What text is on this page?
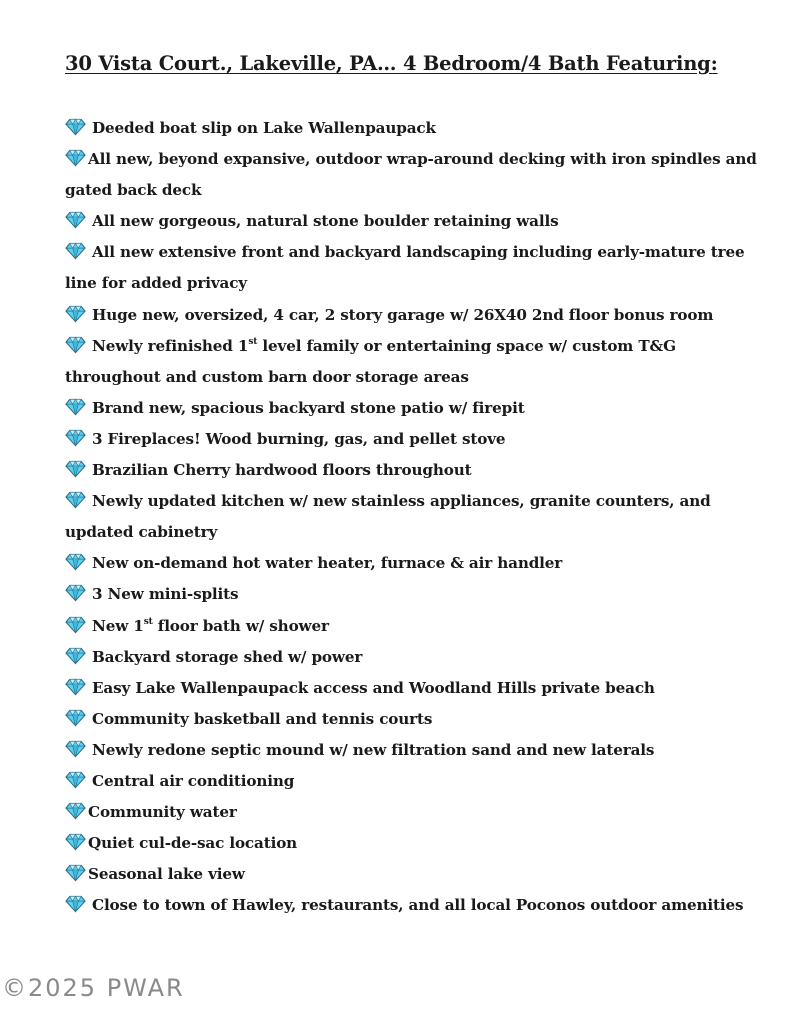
30 Vista Court., Lakeville, PA… 4 Bedroom/4 Bath Featuring:
Deeded boat slip on Lake Wallenpaupack
All new, beyond expansive, outdoor wrap-around decking with iron spindles and
gated back deck
All new gorgeous, natural stone boulder retaining walls
All new extensive front and backyard landscaping including early-mature tree
line for added privacy
Huge new, oversized, 4 car, 2 story garage w/ 26X40 2nd floor bonus room
Newly refinished 1st level family or entertaining space w/ custom T&G
throughout and custom barn door storage areas
Brand new, spacious backyard stone patio w/ firepit
3 Fireplaces! Wood burning, gas, and pellet stove
Brazilian Cherry hardwood floors throughout
Newly updated kitchen w/ new stainless appliances, granite counters, and
updated cabinetry
New on-demand hot water heater, furnace & air handler
3 New mini-splits
New 1st floor bath w/ shower
Backyard storage shed w/ power
Easy Lake Wallenpaupack access and Woodland Hills private beach
Community basketball and tennis courts
Newly redone septic mound w/ new filtration sand and new laterals
Central air conditioning
Community water
Quiet cul-de-sac location
Seasonal lake view
Close to town of Hawley, restaurants, and all local Poconos outdoor amenities
©2025 PWAR
